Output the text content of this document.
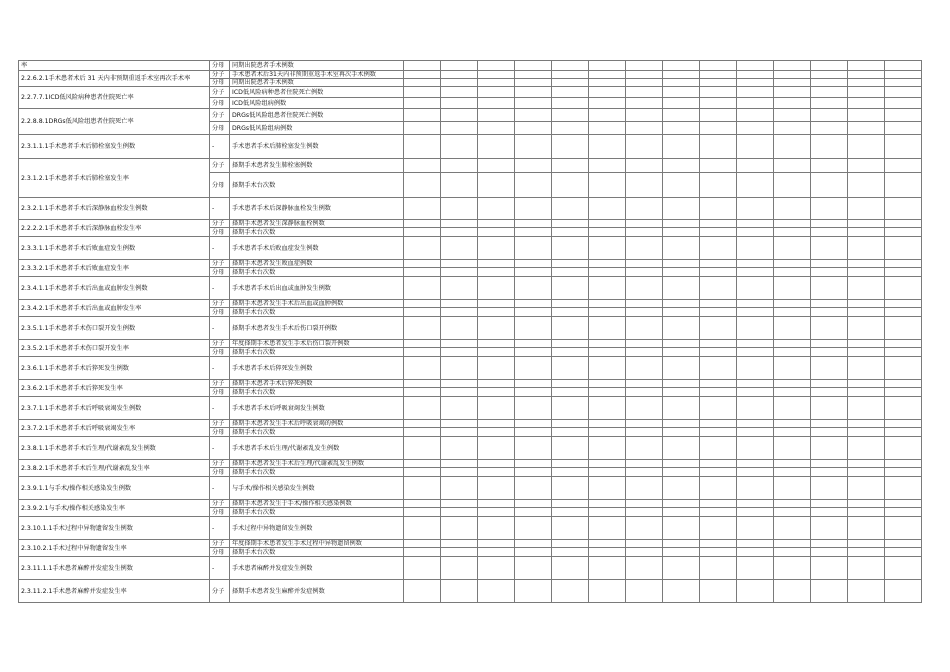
率	分母	同期出院患者手术例数														
2.2.6.2.1手术患者术后 31 天内非预期重返手术室再次手术率	分子	手术患者术后31天内非预期重返手术室再次手术例数														
	分母	同期出院患者手术例数														
2.2.7.7.1ICD低风险病种患者住院死亡率	分子	ICD低风险病种患者住院死亡例数														
	分母	ICD低风险组病例数														
2.2.8.8.1DRGs低风险组患者住院死亡率	分子	DRGs低风险组患者住院死亡例数														
	分母	DRGs低风险组病例数														
2.3.1.1.1手术患者手术后肺栓塞发生例数	-	手术患者手术后肺栓塞发生例数														
2.3.1.2.1手术患者手术后肺栓塞发生率	分子	择期手术患者发生肺栓塞例数														
	分母	择期手术台次数														
2.3.2.1.1手术患者手术后深静脉血栓发生例数	-	手术患者手术后深静脉血栓发生例数														
2.2.2.2.1手术患者手术后深静脉血栓发生率	分子	择期手术患者发生深静脉血栓例数														
	分母	择期手术台次数														
2.3.3.1.1手术患者手术后败血症发生例数	-	手术患者手术后败血症发生例数														
2.3.3.2.1手术患者手术后败血症发生率	分子	择期手术患者发生败血症例数														
	分母	择期手术台次数														
2.3.4.1.1手术患者手术后出血或血肿发生例数	-	手术患者手术后出血或血肿发生例数														
2.3.4.2.1手术患者手术后出血或血肿发生率	分子	择期手术患者发生手术后出血或血肿例数														
	分母	择期手术台次数														
2.3.5.1.1手术患者手术伤口裂开发生例数	-	择期手术患者发生手术后伤口裂开例数														
2.3.5.2.1手术患者手术伤口裂开发生率	分子	年度择期手术患者发生手术后伤口裂开例数														
	分母	择期手术台次数														
2.3.6.1.1手术患者手术后猝死发生例数	-	手术患者手术后猝死发生例数														
2.3.6.2.1手术患者手术后猝死发生率	分子	择期手术患者手术后猝死例数														
	分母	择期手术台次数														
2.3.7.1.1手术患者手术后呼吸衰竭发生例数	-	手术患者手术后呼吸衰竭发生例数														
2.3.7.2.1手术患者手术后呼吸衰竭发生率	分子	择期手术患者发生手术后呼吸衰竭的例数														
	分母	择期手术台次数														
2.3.8.1.1手术患者手术后生理/代谢紊乱发生例数	-	手术患者手术后生理/代谢紊乱发生例数														
2.3.8.2.1手术患者手术后生理/代谢紊乱发生率	分子	择期手术患者发生手术后生理/代谢紊乱发生例数														
	分母	择期手术台次数														
2.3.9.1.1与手术/操作相关感染发生例数	-	与手术/操作相关感染发生例数														
2.3.9.2.1与手术/操作相关感染发生率	分子	择期手术患者发生于手术/操作相关感染例数														
	分母	择期手术台次数														
2.3.10.1.1手术过程中异物遗留发生例数	-	手术过程中异物遗留发生例数														
2.3.10.2.1手术过程中异物遗留发生率	分子	年度择期手术患者发生手术过程中异物遗留例数														
	分母	择期手术台次数														
2.3.11.1.1手术患者麻醉并发症发生例数	-	手术患者麻醉并发症发生例数														
2.3.11.2.1手术患者麻醉并发症发生率	分子	择期手术患者发生麻醉并发症例数														
